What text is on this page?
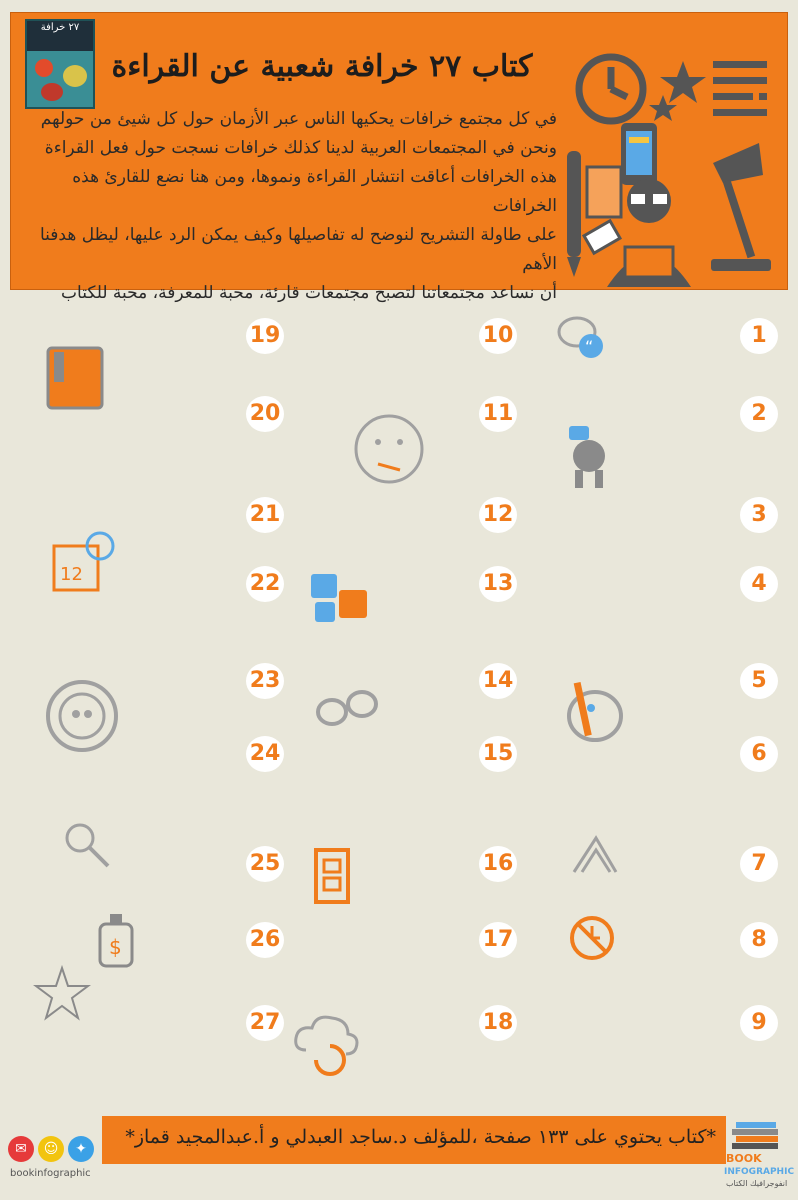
٢٧ خرافة
كتاب ٢٧ خرافة شعبية عن القراءة

في كل مجتمع خرافات يحكيها الناس عبر الأزمان حول كل شيئ من حولهم

ونحن في المجتمعات العربية لدينا كذلك خرافات نسجت حول فعل القراءة

هذه الخرافات أعاقت انتشار القراءة ونموها، ومن هنا نضع للقارئ هذه الخرافات

على طاولة التشريح لنوضح له تفاصيلها وكيف يمكن الرد عليها، ليظل هدفنا الأهم

أن نساعد مجتمعاتنا لتصبح مجتمعات قارئة، محبة للمعرفة، محبة للكتاب

1
2
3
4
5
6
7
8
9
10
11
12
13
14
15
16
17
18
19
20
21
22
23
24
25
26
27
“
12
$
*كتاب يحتوي على ١٣٣ صفحة ،للمؤلف د.ساجد العبدلي و أ.عبدالمجيد قماز*
BOOK
INFOGRAPHIC
انفوجرافيك الكتاب
✉	☺	✦
bookinfographic
